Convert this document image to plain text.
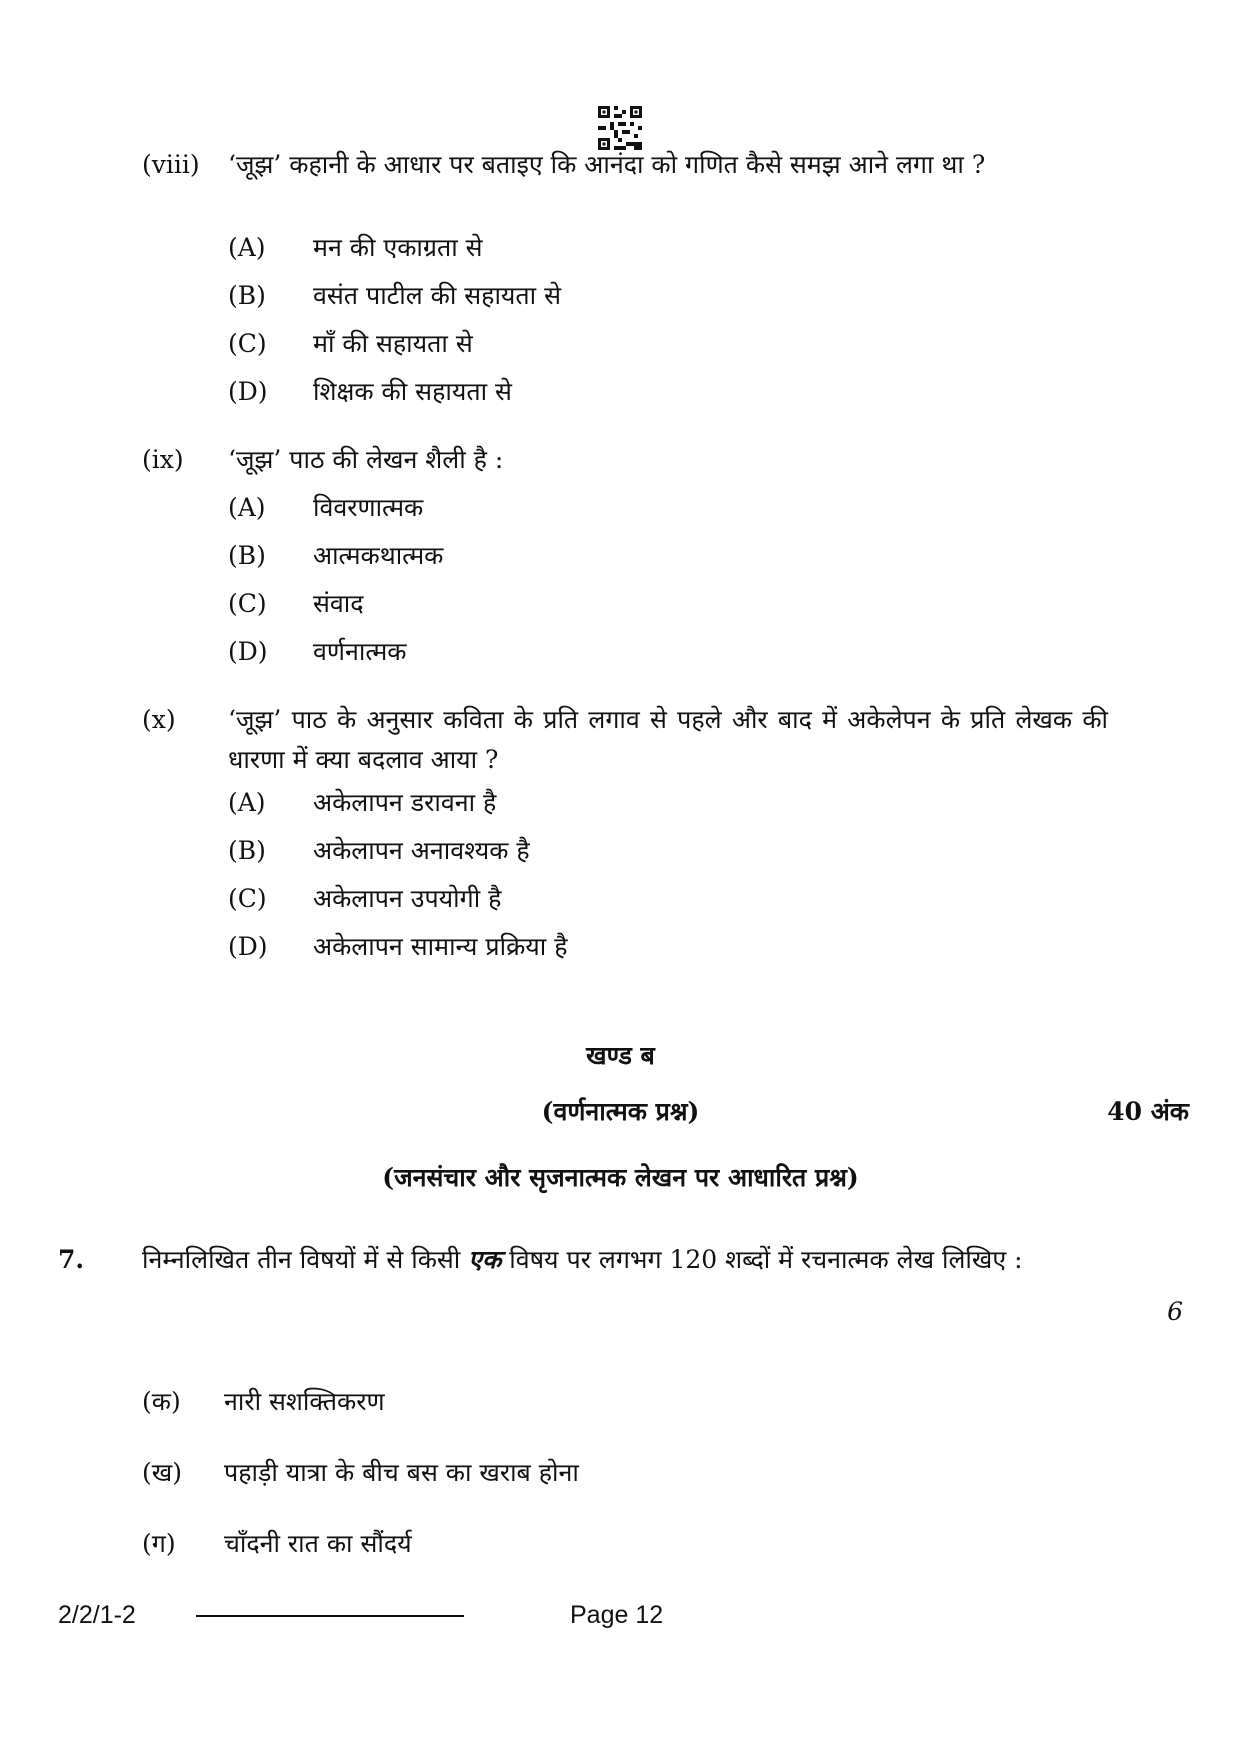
(viii) ‘जूझ’ कहानी के आधार पर बताइए कि आनंदा को गणित कैसे समझ आने लगा था ?
(A) मन की एकाग्रता से
(B) वसंत पाटील की सहायता से
(C) माँ की सहायता से
(D) शिक्षक की सहायता से
(ix) ‘जूझ’ पाठ की लेखन शैली है :
(A) विवरणात्मक
(B) आत्मकथात्मक
(C) संवाद
(D) वर्णनात्मक
(x) ‘जूझ’ पाठ के अनुसार कविता के प्रति लगाव से पहले और बाद में अकेलेपन के प्रति लेखक की धारणा में क्या बदलाव आया ?
(A) अकेलापन डरावना है
(B) अकेलापन अनावश्यक है
(C) अकेलापन उपयोगी है
(D) अकेलापन सामान्य प्रक्रिया है
खण्ड ब
(वर्णनात्मक प्रश्न)	40 अंक
(जनसंचार और सृजनात्मक लेखन पर आधारित प्रश्न)
7. निम्नलिखित तीन विषयों में से किसी एक विषय पर लगभग 120 शब्दों में रचनात्मक लेख लिखिए :
6
(क) नारी सशक्तिकरण
(ख) पहाड़ी यात्रा के बीच बस का खराब होना
(ग) चाँदनी रात का सौंदर्य
2/2/1-2	Page 12
